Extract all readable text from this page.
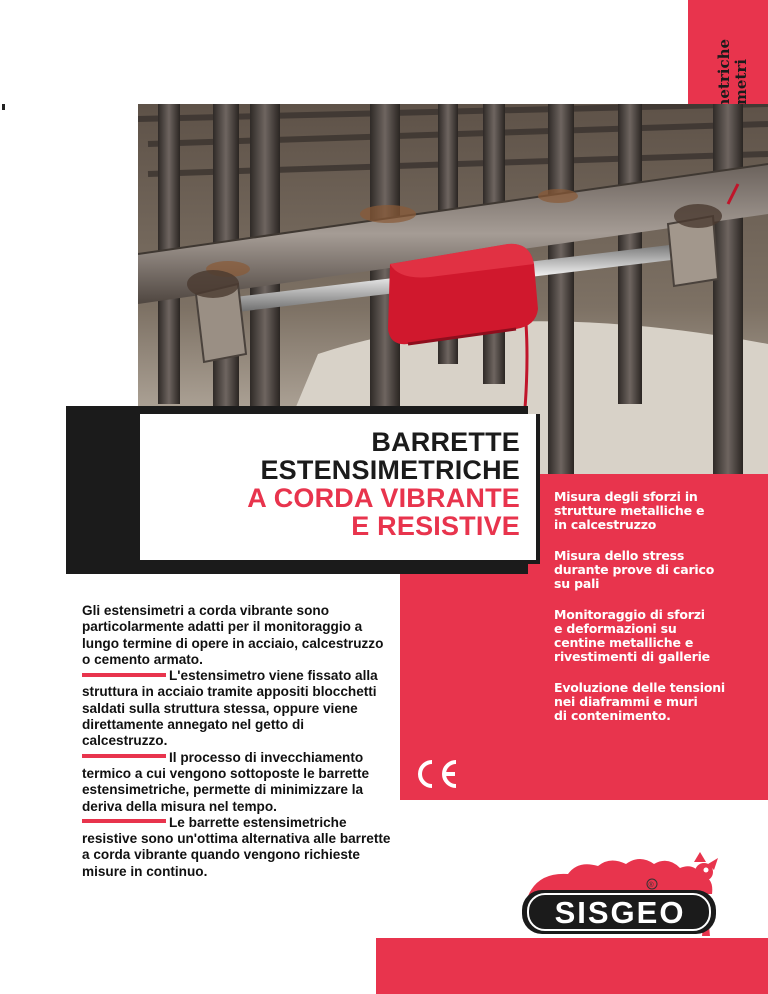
BARRETTE
ESTENSIMETRICHE
A CORDA VIBRANTE
E RESISTIVE
Misura degli sforzi in
strutture metalliche e
in calcestruzzo
Misura dello stress
durante prove di carico
su pali
Monitoraggio di sforzi
e deformazioni su
centine metalliche e
rivestimenti di gallerie
Evoluzione delle tensioni
nei diaframmi e muri
di contenimento.

Gli estensimetri a corda vibrante sono particolarmente adatti per il monitoraggio a lungo termine di opere in acciaio, calcestruzzo o cemento armato.

L'estensimetro viene fissato alla struttura in acciaio tramite appositi blocchetti saldati sulla struttura stessa, oppure viene direttamente annegato nel getto di calcestruzzo.

Il processo di invecchiamento termico a cui vengono sottoposte le barrette estensimetriche, permette di minimizzare la deriva della misura nel tempo.

Le barrette estensimetriche resistive sono un'ottima alternativa alle barrette a corda vibrante quando vengono richieste misure in continuo.

®
SISGEO
